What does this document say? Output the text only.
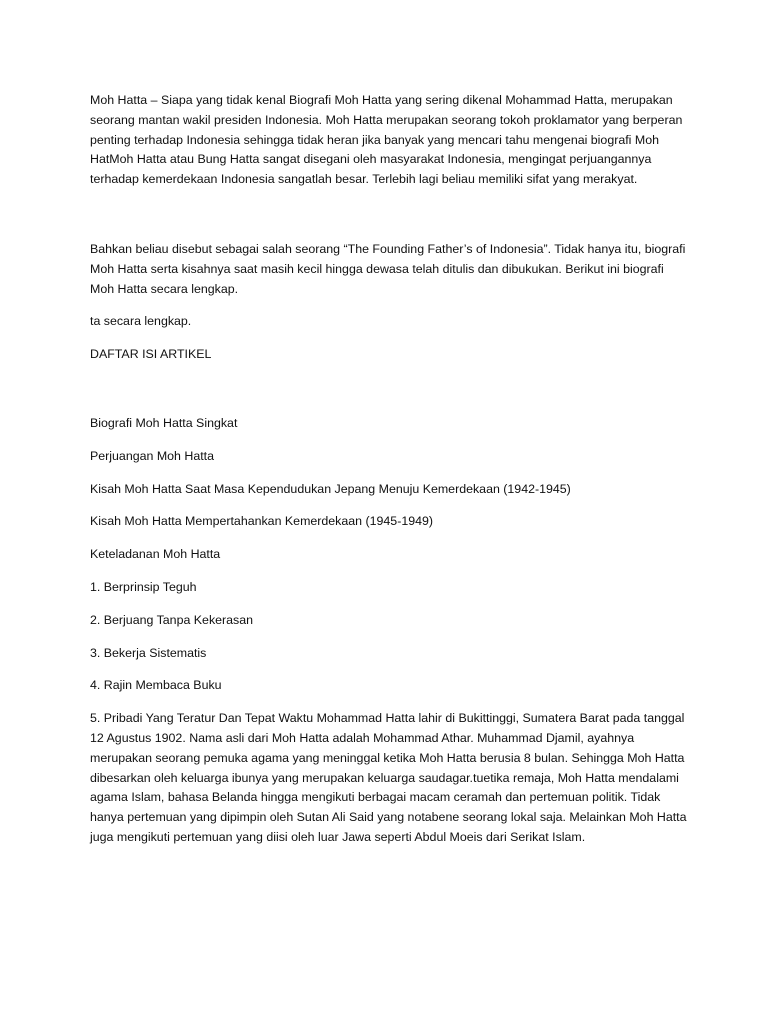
Moh Hatta – Siapa yang tidak kenal Biografi Moh Hatta yang sering dikenal Mohammad Hatta, merupakan seorang mantan wakil presiden Indonesia. Moh Hatta merupakan seorang tokoh proklamator yang berperan penting terhadap Indonesia sehingga tidak heran jika banyak yang mencari tahu mengenai biografi Moh HatMoh Hatta atau Bung Hatta sangat disegani oleh masyarakat Indonesia, mengingat perjuangannya terhadap kemerdekaan Indonesia sangatlah besar. Terlebih lagi beliau memiliki sifat yang merakyat.

Bahkan beliau disebut sebagai salah seorang “The Founding Father’s of Indonesia”. Tidak hanya itu, biografi Moh Hatta serta kisahnya saat masih kecil hingga dewasa telah ditulis dan dibukukan. Berikut ini biografi Moh Hatta secara lengkap.

ta secara lengkap.

DAFTAR ISI ARTIKEL

Biografi Moh Hatta Singkat

Perjuangan Moh Hatta

Kisah Moh Hatta Saat Masa Kependudukan Jepang Menuju Kemerdekaan (1942-1945)

Kisah Moh Hatta Mempertahankan Kemerdekaan (1945-1949)

Keteladanan Moh Hatta

1. Berprinsip Teguh

2. Berjuang Tanpa Kekerasan

3. Bekerja Sistematis

4. Rajin Membaca Buku

5. Pribadi Yang Teratur Dan Tepat Waktu Mohammad Hatta lahir di Bukittinggi, Sumatera Barat pada tanggal 12 Agustus 1902. Nama asli dari Moh Hatta adalah Mohammad Athar. Muhammad Djamil, ayahnya merupakan seorang pemuka agama yang meninggal ketika Moh Hatta berusia 8 bulan. Sehingga Moh Hatta dibesarkan oleh keluarga ibunya yang merupakan keluarga saudagar.tuetika remaja, Moh Hatta mendalami agama Islam, bahasa Belanda hingga mengikuti berbagai macam ceramah dan pertemuan politik. Tidak hanya pertemuan yang dipimpin oleh Sutan Ali Said yang notabene seorang lokal saja. Melainkan Moh Hatta juga mengikuti pertemuan yang diisi oleh luar Jawa seperti Abdul Moeis dari Serikat Islam.
